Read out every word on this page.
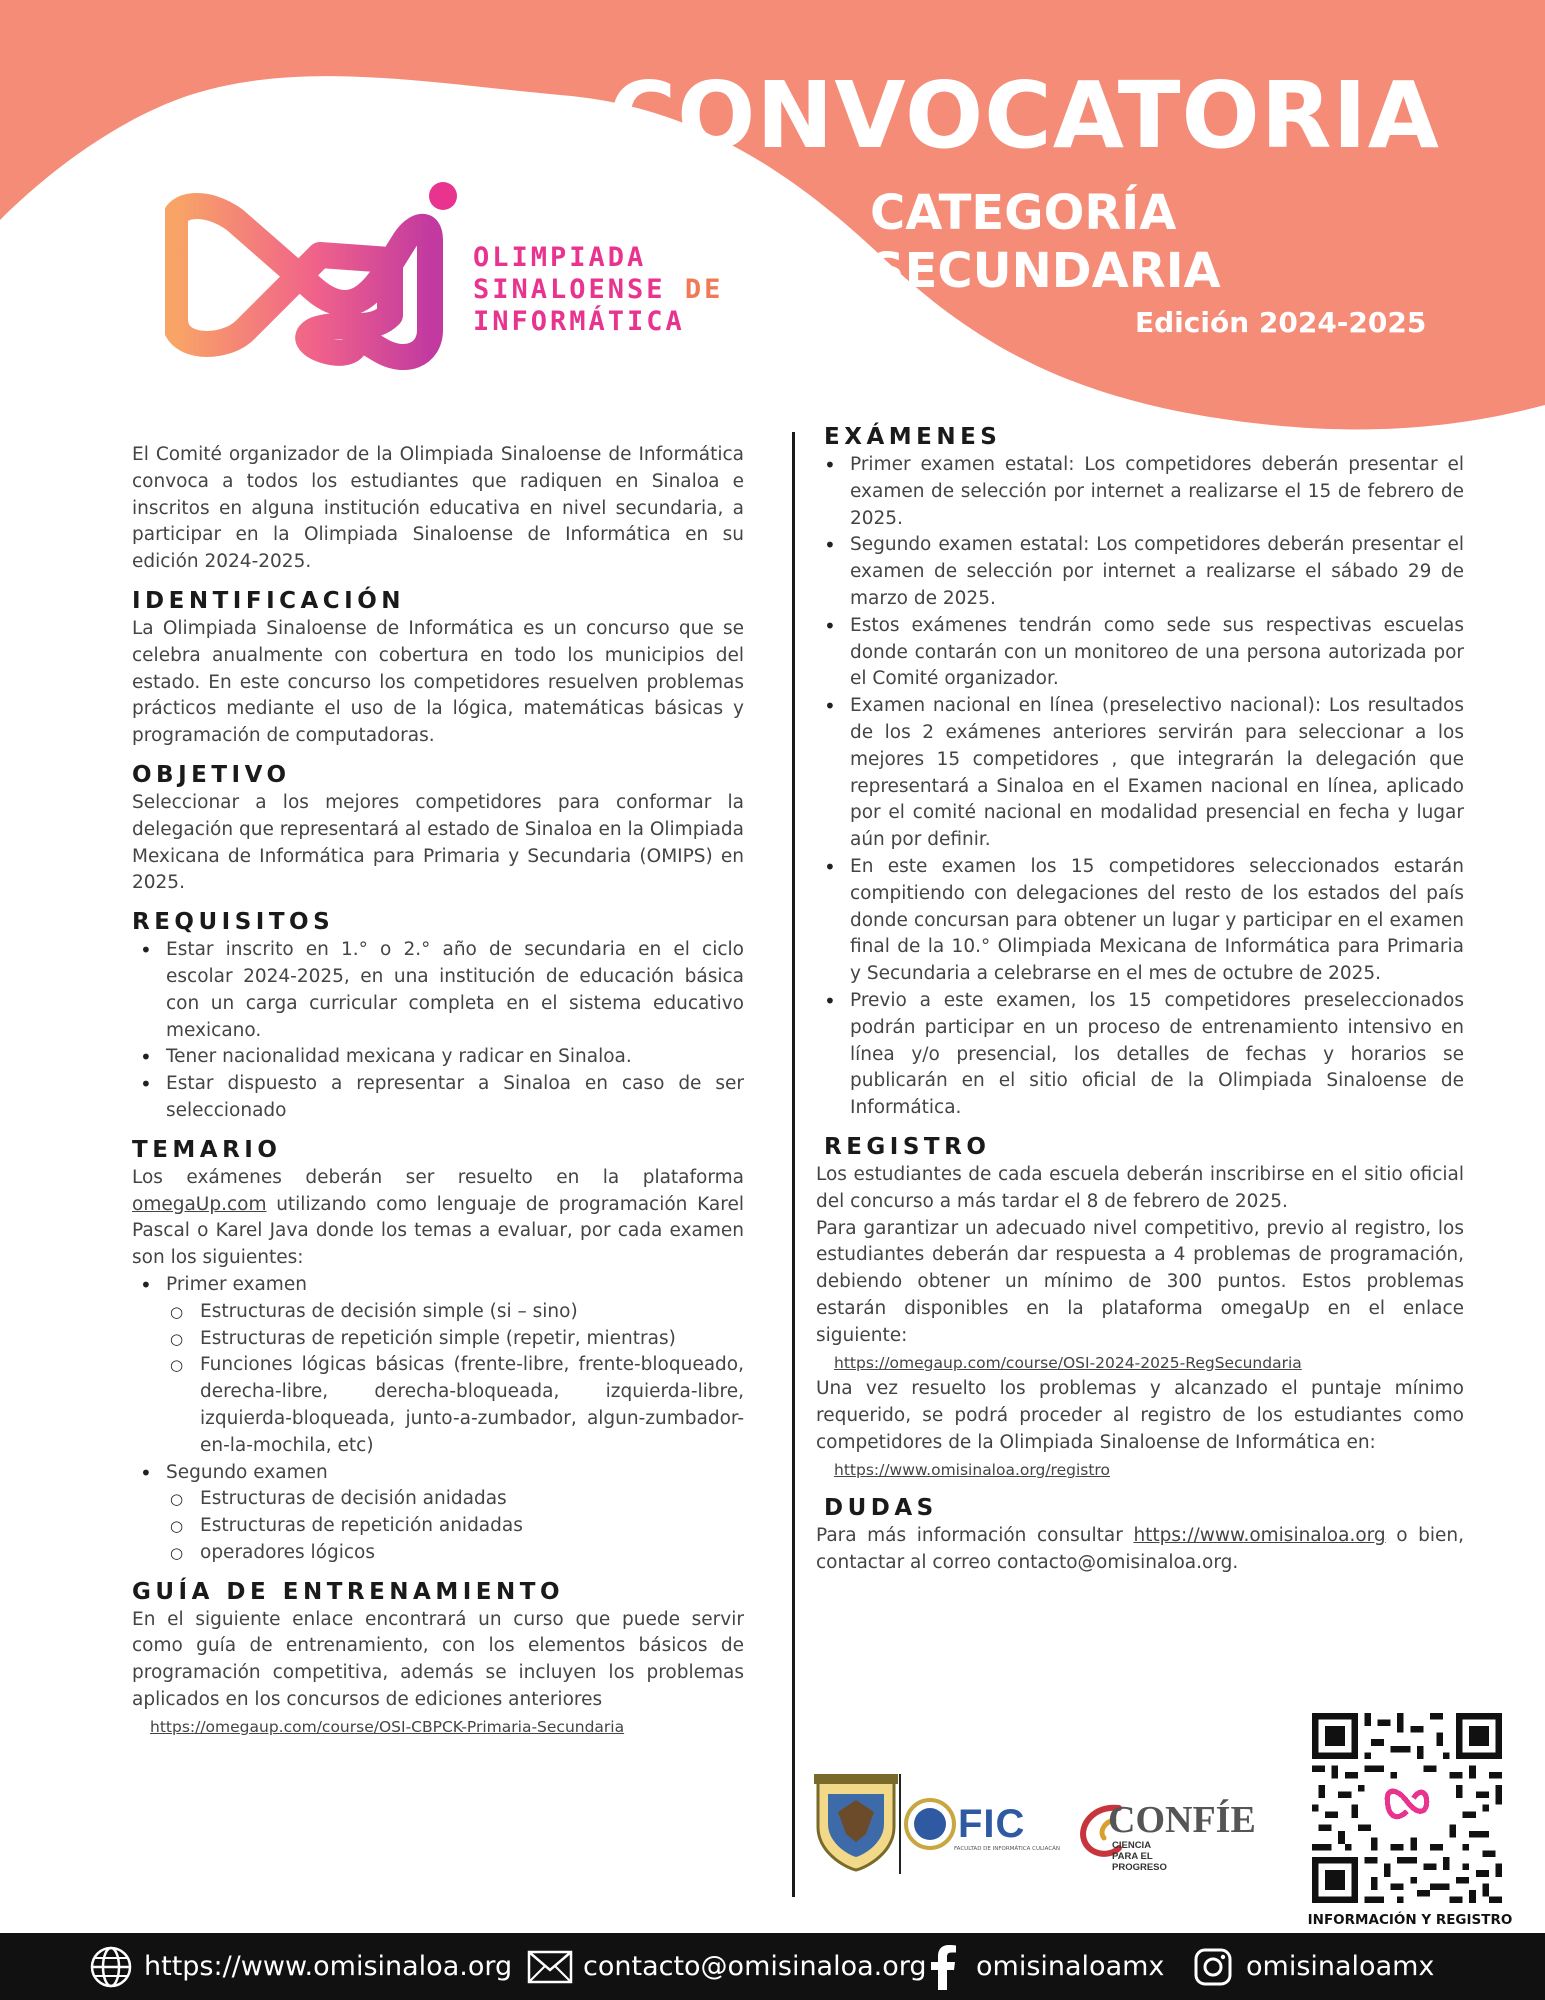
CONVOCATORIA
CATEGORÍA
SECUNDARIA
Edición 2024-2025
OLIMPIADA
SINALOENSE DE
INFORMÁTICA
El Comité organizador de la Olimpiada Sinaloense de Informática convoca a todos los estudiantes que radiquen en Sinaloa e inscritos en alguna institución educativa en nivel secundaria, a participar en la Olimpiada Sinaloense de Informática en su edición 2024-2025.
IDENTIFICACIÓN
La Olimpiada Sinaloense de Informática es un concurso que se celebra anualmente con cobertura en todo los municipios del estado. En este concurso los competidores resuelven problemas prácticos mediante el uso de la lógica, matemáticas básicas y programación de computadoras.
OBJETIVO
Seleccionar a los mejores competidores para conformar la delegación que representará al estado de Sinaloa en la Olimpiada Mexicana de Informática para Primaria y Secundaria (OMIPS) en 2025.
REQUISITOS
• Estar inscrito en 1.° o 2.° año de secundaria en el ciclo escolar 2024-2025, en una institución de educación básica con un carga curricular completa en el sistema educativo mexicano.
• Tener nacionalidad mexicana y radicar en Sinaloa.
• Estar dispuesto a representar a Sinaloa en caso de ser seleccionado
TEMARIO
Los exámenes deberán ser resuelto en la plataforma omegaUp.com utilizando como lenguaje de programación Karel Pascal o Karel Java donde los temas a evaluar, por cada examen son los siguientes:
• Primer examen
○ Estructuras de decisión simple (si – sino)
○ Estructuras de repetición simple (repetir, mientras)
○ Funciones lógicas básicas (frente-libre, frente-bloqueado, derecha-libre, derecha-bloqueada, izquierda-libre, izquierda-bloqueada, junto-a-zumbador, algun-zumbador-en-la-mochila, etc)
• Segundo examen
○ Estructuras de decisión anidadas
○ Estructuras de repetición anidadas
○ operadores lógicos
GUÍA DE ENTRENAMIENTO
En el siguiente enlace encontrará un curso que puede servir como guía de entrenamiento, con los elementos básicos de programación competitiva, además se incluyen los problemas aplicados en los concursos de ediciones anteriores
https://omegaup.com/course/OSI-CBPCK-Primaria-Secundaria
EXÁMENES
• Primer examen estatal: Los competidores deberán presentar el examen de selección por internet a realizarse el 15 de febrero de 2025.
• Segundo examen estatal: Los competidores deberán presentar el examen de selección por internet a realizarse el sábado 29 de marzo de 2025.
• Estos exámenes tendrán como sede sus respectivas escuelas donde contarán con un monitoreo de una persona autorizada por el Comité organizador.
• Examen nacional en línea (preselectivo nacional): Los resultados de los 2 exámenes anteriores servirán para seleccionar a los mejores 15 competidores , que integrarán la delegación que representará a Sinaloa en el Examen nacional en línea, aplicado por el comité nacional en modalidad presencial en fecha y lugar aún por definir.
• En este examen los 15 competidores seleccionados estarán compitiendo con delegaciones del resto de los estados del país donde concursan para obtener un lugar y participar en el examen final de la 10.° Olimpiada Mexicana de Informática para Primaria y Secundaria a celebrarse en el mes de octubre de 2025.
• Previo a este examen, los 15 competidores preseleccionados podrán participar en un proceso de entrenamiento intensivo en línea y/o presencial, los detalles de fechas y horarios se publicarán en el sitio oficial de la Olimpiada Sinaloense de Informática.
REGISTRO
Los estudiantes de cada escuela deberán inscribirse en el sitio oficial del concurso a más tardar el 8 de febrero de 2025.
Para garantizar un adecuado nivel competitivo, previo al registro, los estudiantes deberán dar respuesta a 4 problemas de programación, debiendo obtener un mínimo de 300 puntos. Estos problemas estarán disponibles en la plataforma omegaUp en el enlace siguiente:
https://omegaup.com/course/OSI-2024-2025-RegSecundaria
Una vez resuelto los problemas y alcanzado el puntaje mínimo requerido, se podrá proceder al registro de los estudiantes como competidores de la Olimpiada Sinaloense de Informática en:
https://www.omisinaloa.org/registro
DUDAS
Para más información consultar https://www.omisinaloa.org o bien, contactar al correo contacto@omisinaloa.org.
FIC
FACULTAD DE INFORMÁTICA CULIACÁN
CONFÍE
CIENCIA PARA EL PROGRESO
INFORMACIÓN Y REGISTRO
https://www.omisinaloa.org	contacto@omisinaloa.org omisinaloamx	omisinaloamx
